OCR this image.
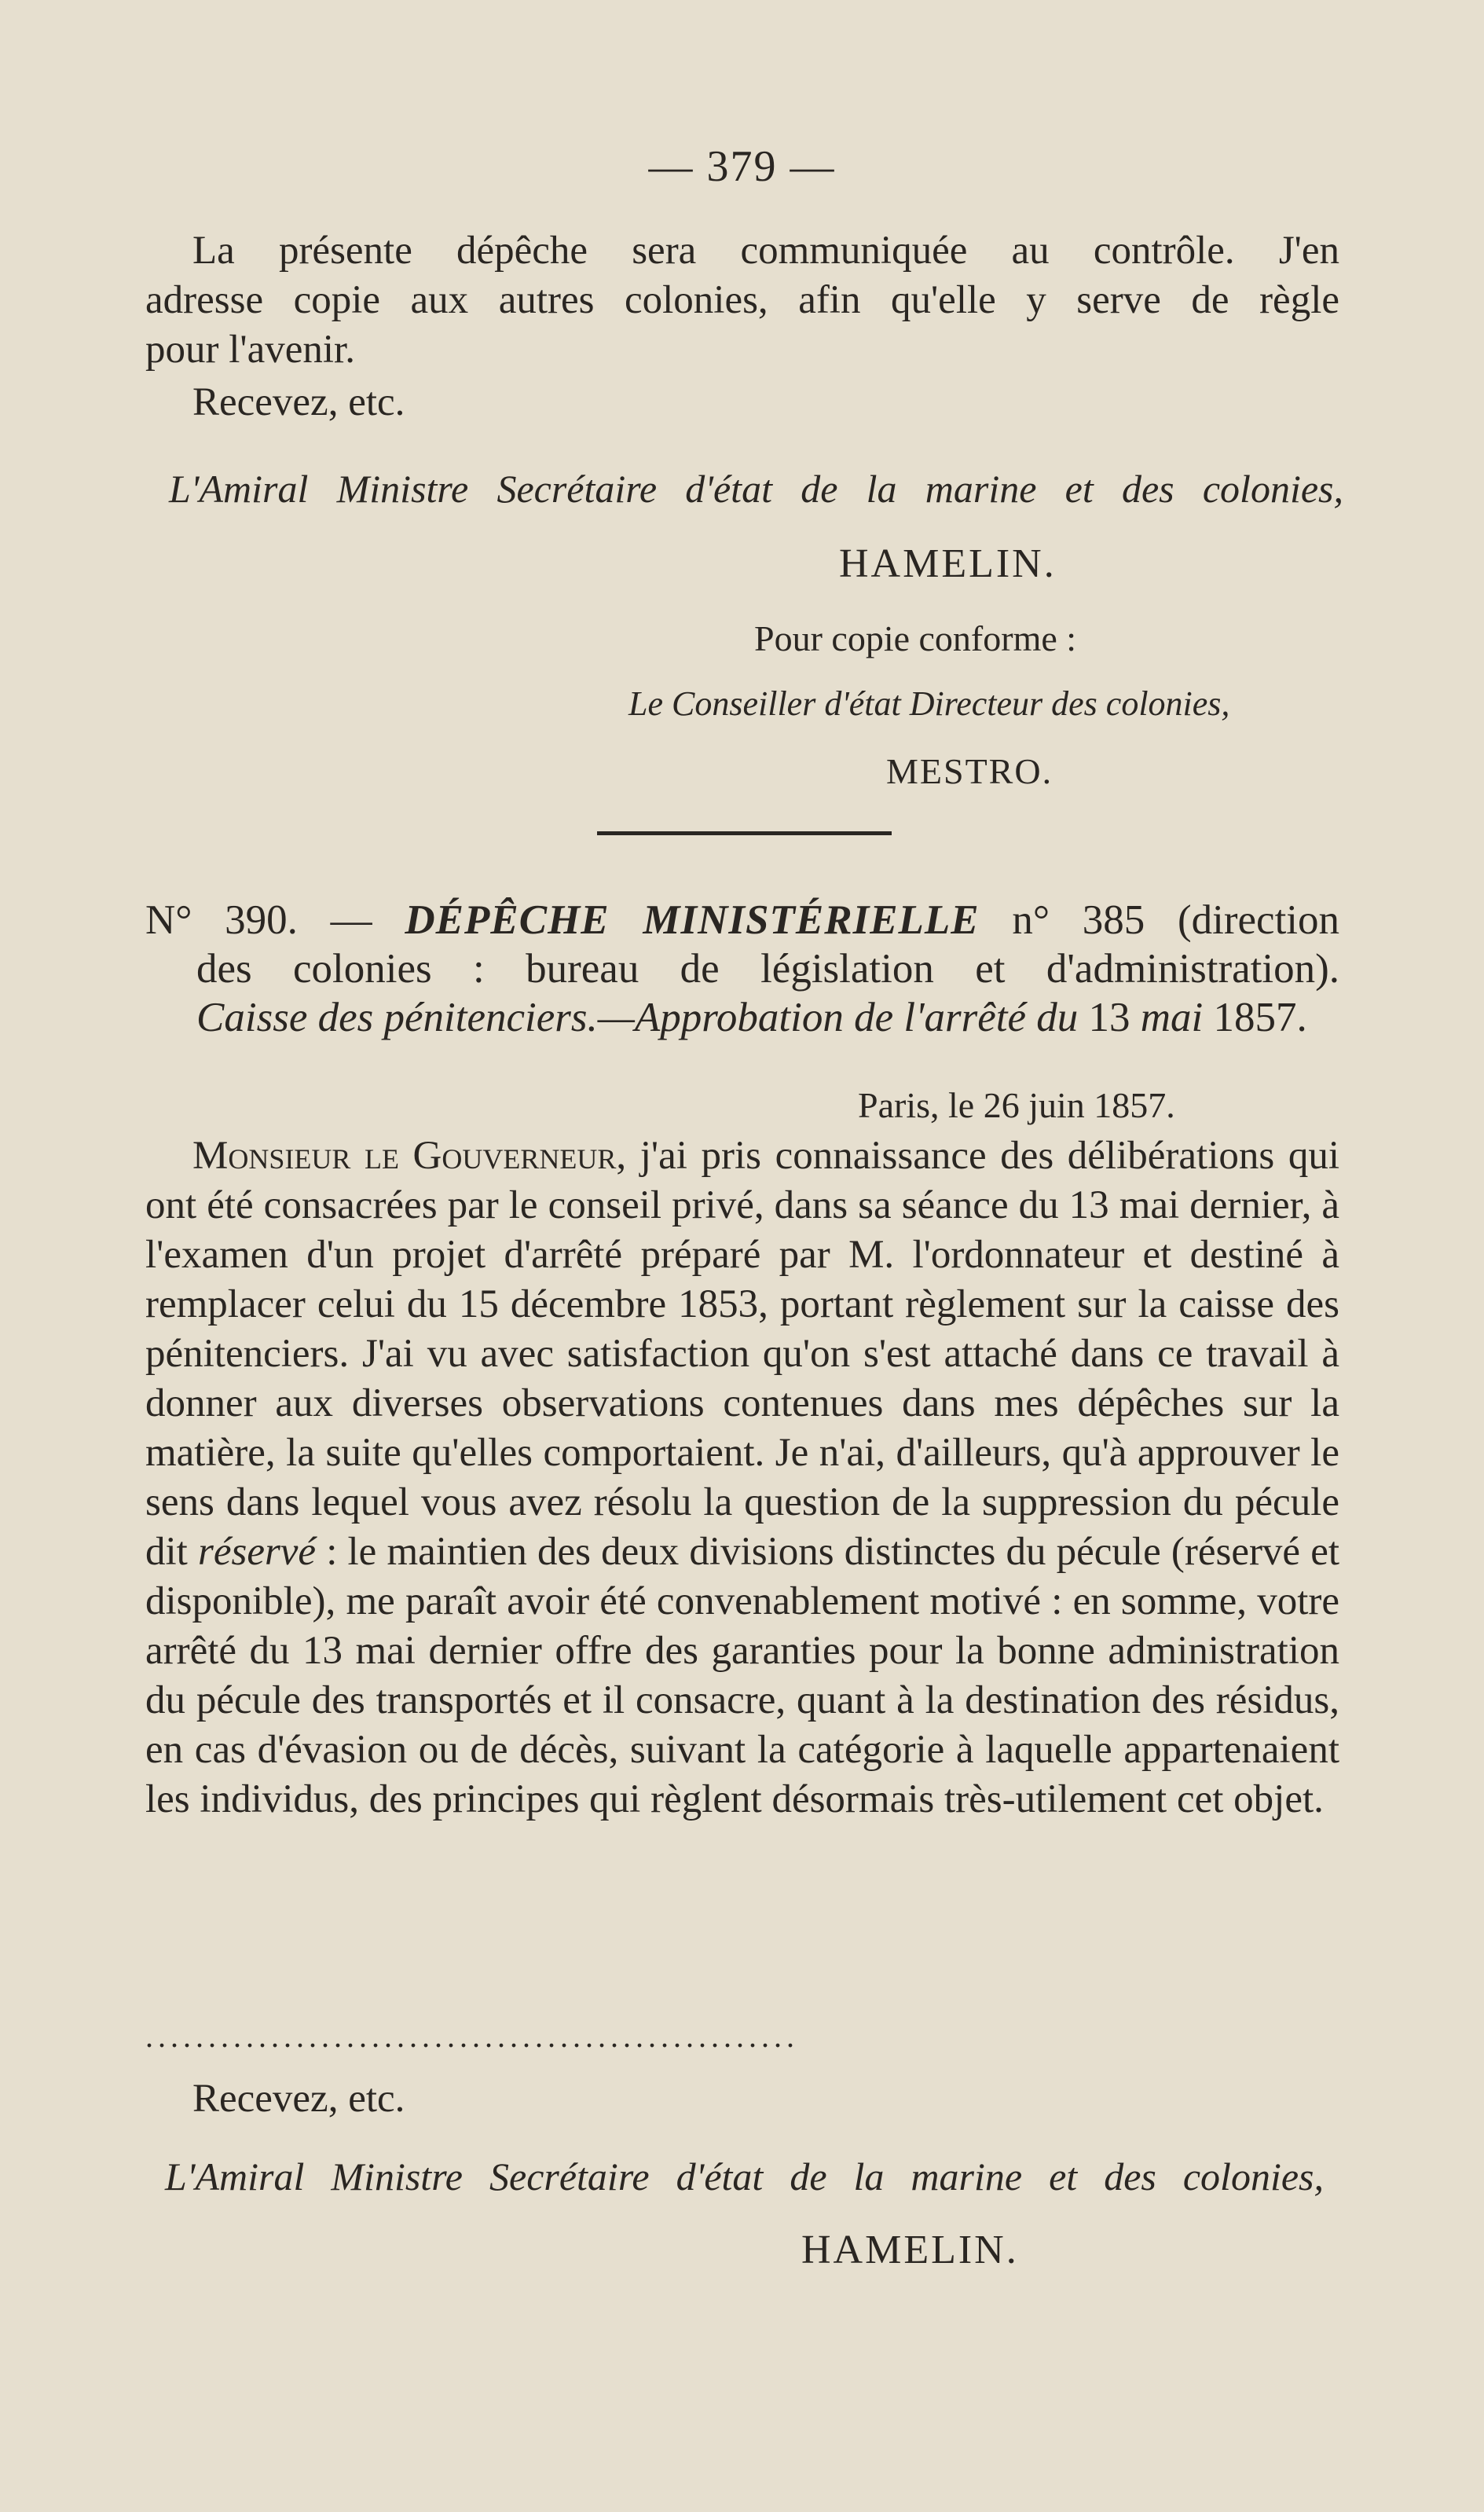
— 379 —

La présente dépêche sera communiquée au contrôle. J'en

adresse copie aux autres colonies, afin qu'elle y serve de règle

pour l'avenir.

Recevez, etc.

L'Amiral Ministre Secrétaire d'état de la marine et des colonies,
HAMELIN.
Pour copie conforme :
Le Conseiller d'état Directeur des colonies,
MESTRO.
N° 390. — DÉPÊCHE MINISTÉRIELLE n° 385 (direction
des colonies : bureau de législation et d'administration).
Caisse des pénitenciers.—Approbation de l'arrêté du 13 mai 1857.
Paris, le 26 juin 1857.

Monsieur le Gouverneur, j'ai pris connaissance des délibérations qui ont été consacrées par le conseil privé, dans sa séance du 13 mai dernier, à l'examen d'un projet d'arrêté préparé par M. l'ordonnateur et destiné à remplacer celui du 15 décembre 1853, portant règlement sur la caisse des pénitenciers. J'ai vu avec satisfaction qu'on s'est attaché dans ce travail à donner aux diverses observations contenues dans mes dépêches sur la matière, la suite qu'elles comportaient. Je n'ai, d'ailleurs, qu'à approuver le sens dans lequel vous avez résolu la question de la suppression du pécule dit réservé : le maintien des deux divisions distinctes du pécule (réservé et disponible), me paraît avoir été convenablement motivé : en somme, votre arrêté du 13 mai dernier offre des garanties pour la bonne administration du pécule des transportés et il consacre, quant à la destination des résidus, en cas d'évasion ou de décès, suivant la catégorie à laquelle appartenaient les individus, des principes qui règlent désormais très-utilement cet objet.

....................................................
Recevez, etc.
L'Amiral Ministre Secrétaire d'état de la marine et des colonies,
HAMELIN.
